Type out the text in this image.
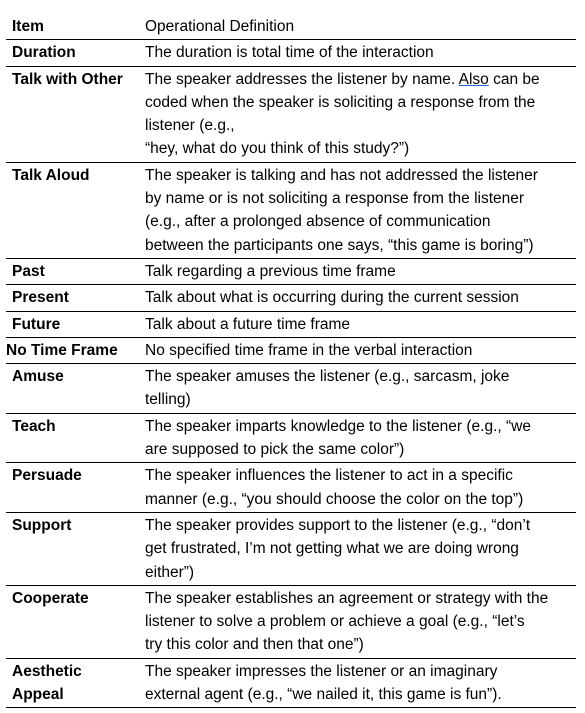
Item	Operational Definition

Duration	The duration is total time of the interaction

Talk with Other	The speaker addresses the listener by name. Also can be
coded when the speaker is soliciting a response from the
listener (e.g.,
“hey, what do you think of this study?”)

Talk Aloud	The speaker is talking and has not addressed the listener
by name or is not soliciting a response from the listener
(e.g., after a prolonged absence of communication
between the participants one says, “this game is boring”)

Past	Talk regarding a previous time frame

Present	Talk about what is occurring during the current session

Future	Talk about a future time frame

No Time Frame	No specified time frame in the verbal interaction

Amuse	The speaker amuses the listener (e.g., sarcasm, joke
telling)

Teach	The speaker imparts knowledge to the listener (e.g., “we
are supposed to pick the same color”)

Persuade	The speaker influences the listener to act in a specific
manner (e.g., “you should choose the color on the top”)

Support	The speaker provides support to the listener (e.g., “don’t
get frustrated, I’m not getting what we are doing wrong
either”)

Cooperate	The speaker establishes an agreement or strategy with the
listener to solve a problem or achieve a goal (e.g., “let’s
try this color and then that one”)

Aesthetic
Appeal	The speaker impresses the listener or an imaginary
external agent (e.g., “we nailed it, this game is fun”).
